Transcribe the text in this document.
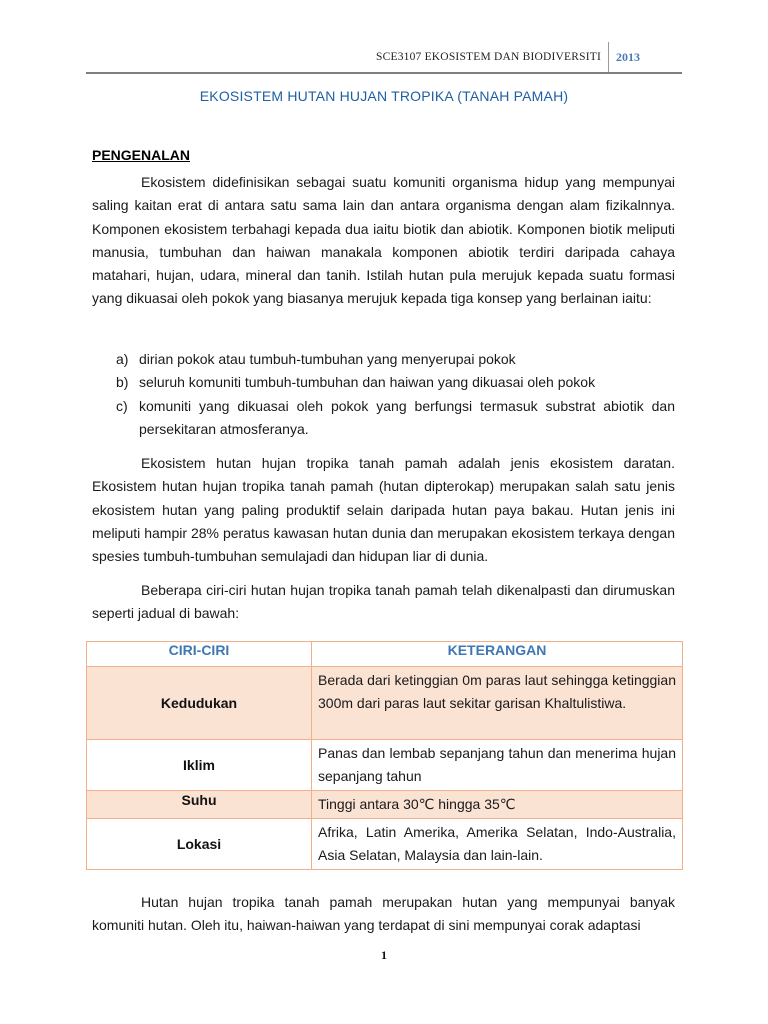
SCE3107 EKOSISTEM DAN BIODIVERSITI 2013
EKOSISTEM HUTAN HUJAN TROPIKA (TANAH PAMAH)
PENGENALAN
Ekosistem didefinisikan sebagai suatu komuniti organisma hidup yang mempunyai saling kaitan erat di antara satu sama lain dan antara organisma dengan alam fizikalnnya. Komponen ekosistem terbahagi kepada dua iaitu biotik dan abiotik. Komponen biotik meliputi manusia, tumbuhan dan haiwan manakala komponen abiotik terdiri daripada cahaya matahari, hujan, udara, mineral dan tanih. Istilah hutan pula merujuk kepada suatu formasi yang dikuasai oleh pokok yang biasanya merujuk kepada tiga konsep yang berlainan iaitu:
a) dirian pokok atau tumbuh-tumbuhan yang menyerupai pokok
b) seluruh komuniti tumbuh-tumbuhan dan haiwan yang dikuasai oleh pokok
c) komuniti yang dikuasai oleh pokok yang berfungsi termasuk substrat abiotik dan persekitaran atmosferanya.
Ekosistem hutan hujan tropika tanah pamah adalah jenis ekosistem daratan. Ekosistem hutan hujan tropika tanah pamah (hutan dipterokap) merupakan salah satu jenis ekosistem hutan yang paling produktif selain daripada hutan paya bakau. Hutan jenis ini meliputi hampir 28% peratus kawasan hutan dunia dan merupakan ekosistem terkaya dengan spesies tumbuh-tumbuhan semulajadi dan hidupan liar di dunia.
Beberapa ciri-ciri hutan hujan tropika tanah pamah telah dikenalpasti dan dirumuskan seperti jadual di bawah:
CIRI-CIRI	KETERANGAN
Kedudukan	Berada dari ketinggian 0m paras laut sehingga ketinggian 300m dari paras laut sekitar garisan Khaltulistiwa.
Iklim	Panas dan lembab sepanjang tahun dan menerima hujan sepanjang tahun
Suhu	Tinggi antara 30℃ hingga 35℃
Lokasi	Afrika, Latin Amerika, Amerika Selatan, Indo-Australia, Asia Selatan, Malaysia dan lain-lain.
Hutan hujan tropika tanah pamah merupakan hutan yang mempunyai banyak komuniti hutan. Oleh itu, haiwan-haiwan yang terdapat di sini mempunyai corak adaptasi
1
